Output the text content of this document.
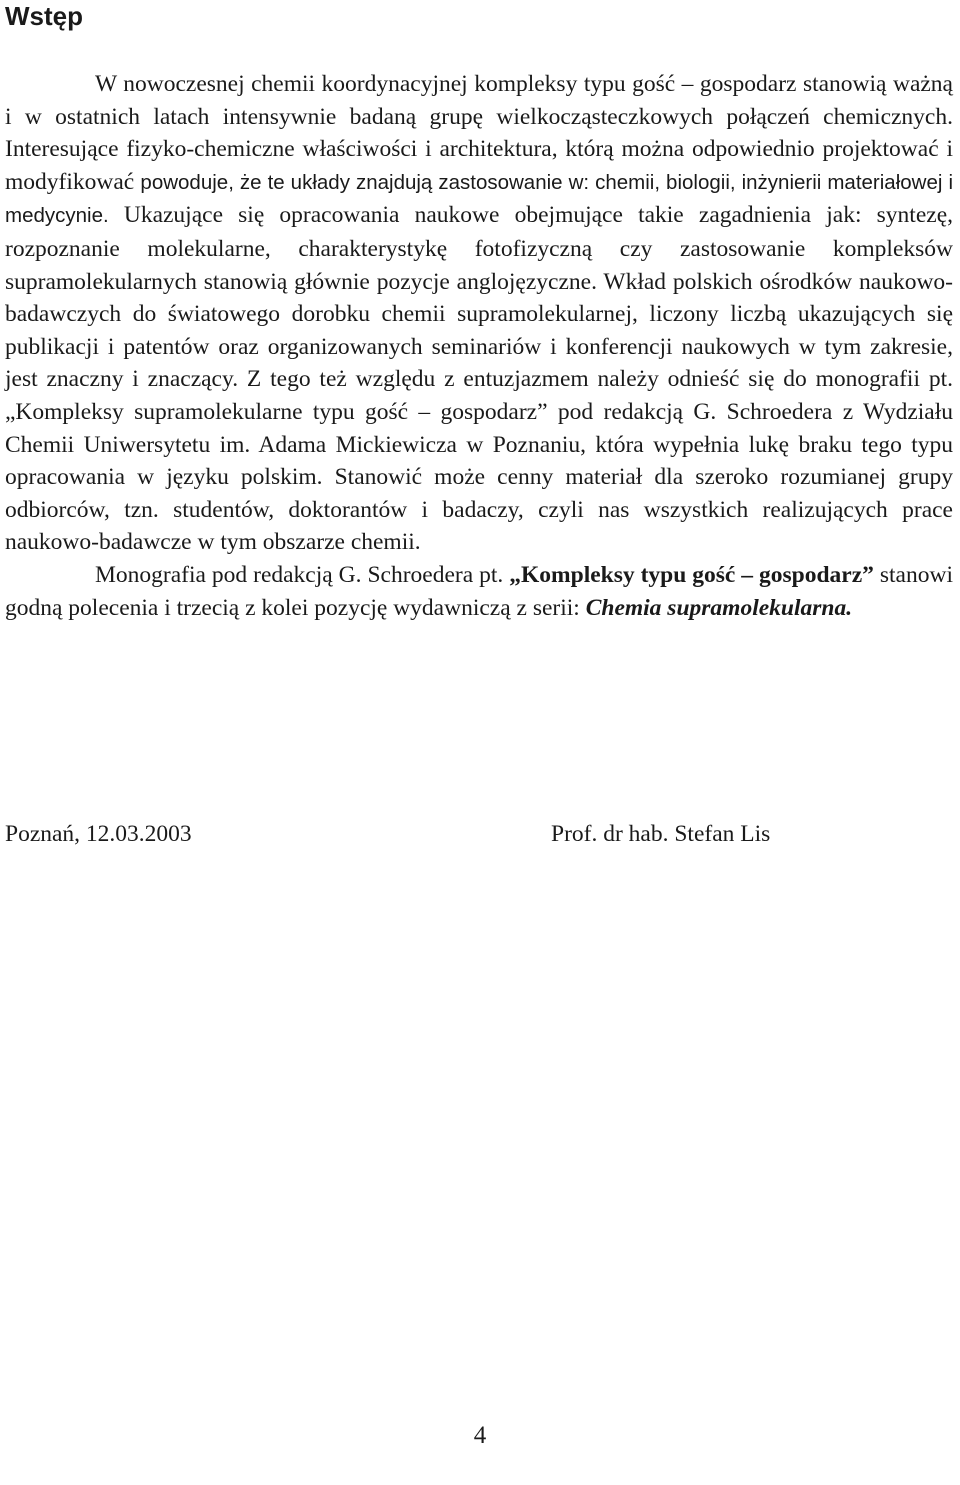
Wstęp

W nowoczesnej chemii koordynacyjnej kompleksy typu gość – gospodarz stanowią ważną i w ostatnich latach intensywnie badaną grupę wielkocząsteczkowych połączeń chemicznych. Interesujące fizyko-chemiczne właściwości i architektura, którą można odpowiednio projektować i modyfikować powoduje, że te układy znajdują zastosowanie w: chemii, biologii, inżynierii materiałowej i medycynie. Ukazujące się opracowania naukowe obejmujące takie zagadnienia jak: syntezę, rozpoznanie molekularne, charakterystykę fotofizyczną czy zastosowanie kompleksów supramolekularnych stanowią głównie pozycje anglojęzyczne. Wkład polskich ośrodków naukowo-badawczych do światowego dorobku chemii supramolekularnej, liczony liczbą ukazujących się publikacji i patentów oraz organizowanych seminariów i konferencji naukowych w tym zakresie, jest znaczny i znaczący. Z tego też względu z entuzjazmem należy odnieść się do monografii pt. „Kompleksy supramolekularne typu gość – gospodarz” pod redakcją G. Schroedera z Wydziału Chemii Uniwersytetu im. Adama Mickiewicza w Poznaniu, która wypełnia lukę braku tego typu opracowania w języku polskim. Stanowić może cenny materiał dla szeroko rozumianej grupy odbiorców, tzn. studentów, doktorantów i badaczy, czyli nas wszystkich realizujących prace naukowo-badawcze w tym obszarze chemii.

Monografia pod redakcją G. Schroedera pt. „Kompleksy typu gość – gospodarz” stanowi godną polecenia i trzecią z kolei pozycję wydawniczą z serii: Chemia supramolekularna.

Poznań, 12.03.2003	Prof. dr hab. Stefan Lis
4
